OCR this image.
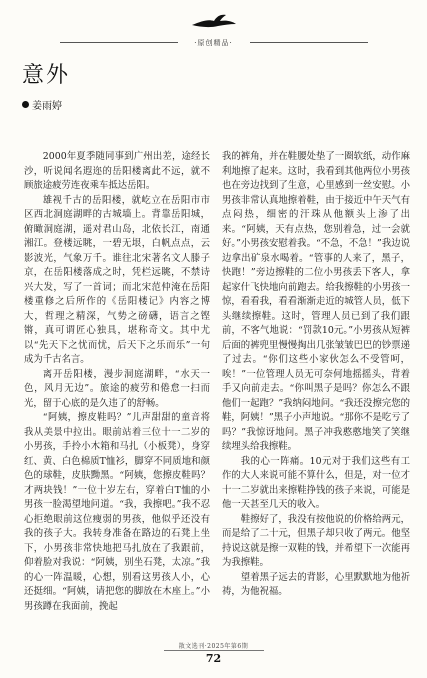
·原创精品·
意外
姜雨婷

2000年夏季随同事到广州出差，途经长沙，听说闻名遐迩的岳阳楼离此不远，就不顾旅途疲劳连夜乘车抵达岳阳。

雄视千古的岳阳楼，就屹立在岳阳市市区西北洞庭湖畔的古城墙上。背靠岳阳城，俯瞰洞庭湖，遥对君山岛，北依长江，南通湘江。登楼远眺，一碧无垠，白帆点点，云影波光，气象万千。谁往北宋著名文人滕子京，在岳阳楼落成之时，凭栏远眺，不禁诗兴大发，写了一首词；而北宋范仲淹在岳阳楼重修之后所作的《岳阳楼记》内容之博大，哲理之精深，气势之磅礴，语言之铿锵，真可谓匠心独具，堪称奇文。其中尤以“先天下之忧而忧，后天下之乐而乐”一句成为千古名言。

离开岳阳楼，漫步洞庭湖畔，“水天一色，风月无边”。旅途的疲劳和倦怠一扫而光，留于心底的是久违了的舒畅。

“阿姨，擦皮鞋吗？”儿声甜甜的童音将我从美景中拉出。眼前站着三位十一二岁的小男孩，手拎小木箱和马扎（小板凳），身穿红、黄、白色棉质T恤衫，脚穿不同质地和颜色的球鞋，皮肤黝黑。“阿姨，您擦皮鞋吗？才两块钱！”一位十岁左右，穿着白T恤的小男孩一脸渴望地问道。“我，我擦吧。”我不忍心拒绝眼前这位瘦弱的男孩，他似乎还没有我的孩子大。我转身准备在路边的石凳上坐下，小男孩非常快地把马扎放在了我跟前，仰着脸对我说：“阿姨，别坐石凳，太凉。”我的心一阵温暖，心想，别看这男孩人小，心还挺细。“阿姨，请把您的脚放在木座上。”小男孩蹲在我面前，挽起

我的裤角，并在鞋腰处垫了一圈软纸，动作麻利地擦了起来。这时，我看到其他两位小男孩也在旁边找到了生意，心里感到一丝安慰。小男孩非常认真地擦着鞋，由于接近中午天气有点闷热，细密的汗珠从他额头上渗了出来。“阿姨，天有点热，您别着急，过一会就好。”小男孩安慰着我。“不急，不急！”我边说边拿出矿泉水喝着。“管事的人来了，黑子，快跑！”旁边擦鞋的二位小男孩丢下客人，拿起家什飞快地向前跑去。给我擦鞋的小男孩一惊，看看我，看看渐渐走近的城管人员，低下头继续擦鞋。这时，管理人员已到了我们跟前，不客气地说：“罚款10元。”小男孩从短裤后面的裤兜里慢慢掏出几张皱皱巴巴的钞票递了过去。“你们这些小家伙怎么不受管呵，唉！”一位管理人员无可奈何地摇摇头，背着手又向前走去。“你叫黑子是吗？你怎么不跟他们一起跑？”我纳闷地问。“我还没擦完您的鞋，阿姨！”黑子小声地说。“那你不是吃亏了吗？”我惊讶地问。黑子冲我憨憨地笑了笑继续埋头给我擦鞋。

我的心一阵痛。10元对于我们这些有工作的大人来说可能不算什么，但是，对一位才十一二岁就出来擦鞋挣钱的孩子来说，可能是他一天甚至几天的收入。

鞋擦好了，我没有按他说的价格给两元，而是给了二十元，但黑子却只收了两元。他坚持说这就是擦一双鞋的钱，并希望下一次能再为我擦鞋。

望着黑子远去的背影，心里默默地为他祈祷，为他祝福。

散文选刊·2025年第6期
72
